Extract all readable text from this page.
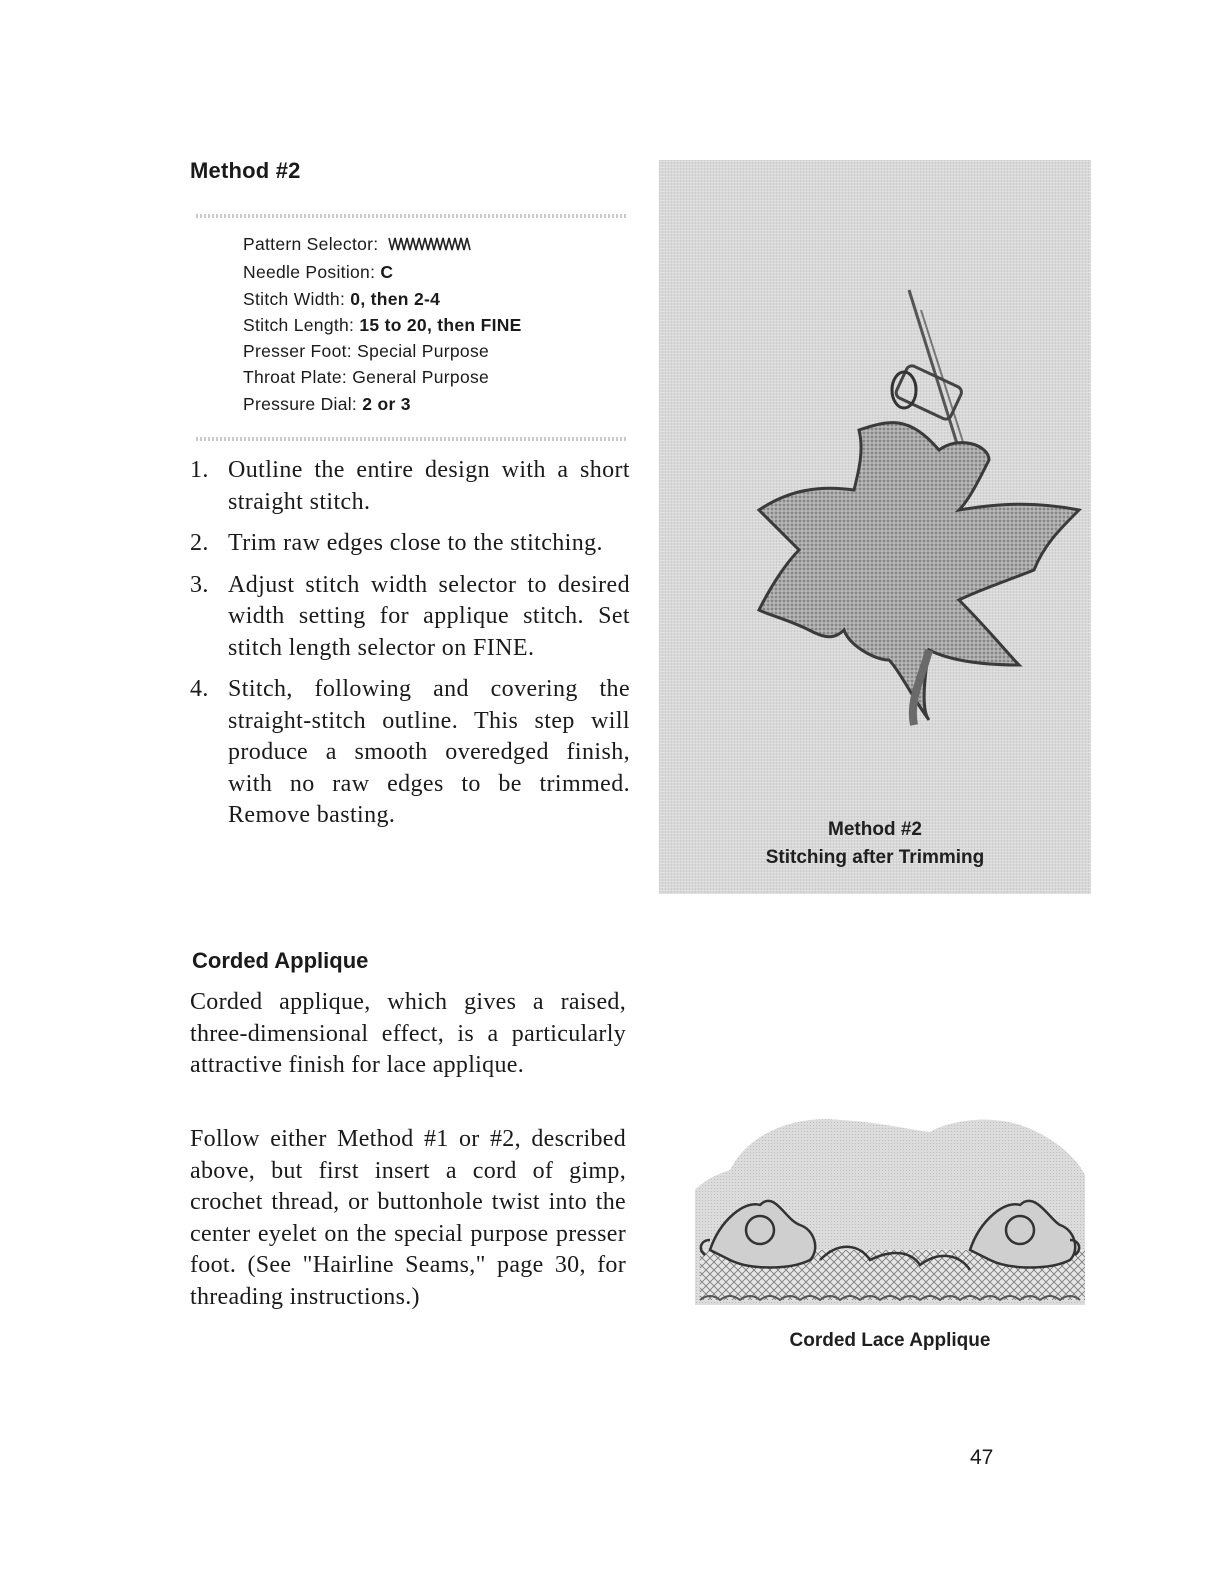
Method #2
Pattern Selector:
Needle Position: C
Stitch Width: 0, then 2-4
Stitch Length: 15 to 20, then FINE
Presser Foot: Special Purpose
Throat Plate: General Purpose
Pressure Dial: 2 or 3
1. Outline the entire design with a short straight stitch.
2. Trim raw edges close to the stitching.
3. Adjust stitch width selector to desired width setting for applique stitch. Set stitch length selector on FINE.
4. Stitch, following and covering the straight-stitch outline. This step will produce a smooth overedged finish, with no raw edges to be trimmed. Remove basting.
Corded Applique
Corded applique, which gives a raised, three-dimensional effect, is a particularly attractive finish for lace applique.
Follow either Method #1 or #2, described above, but first insert a cord of gimp, crochet thread, or buttonhole twist into the center eyelet on the special purpose presser foot. (See "Hairline Seams," page 30, for threading instructions.)
Method #2
Stitching after Trimming
Corded Lace Applique
47
